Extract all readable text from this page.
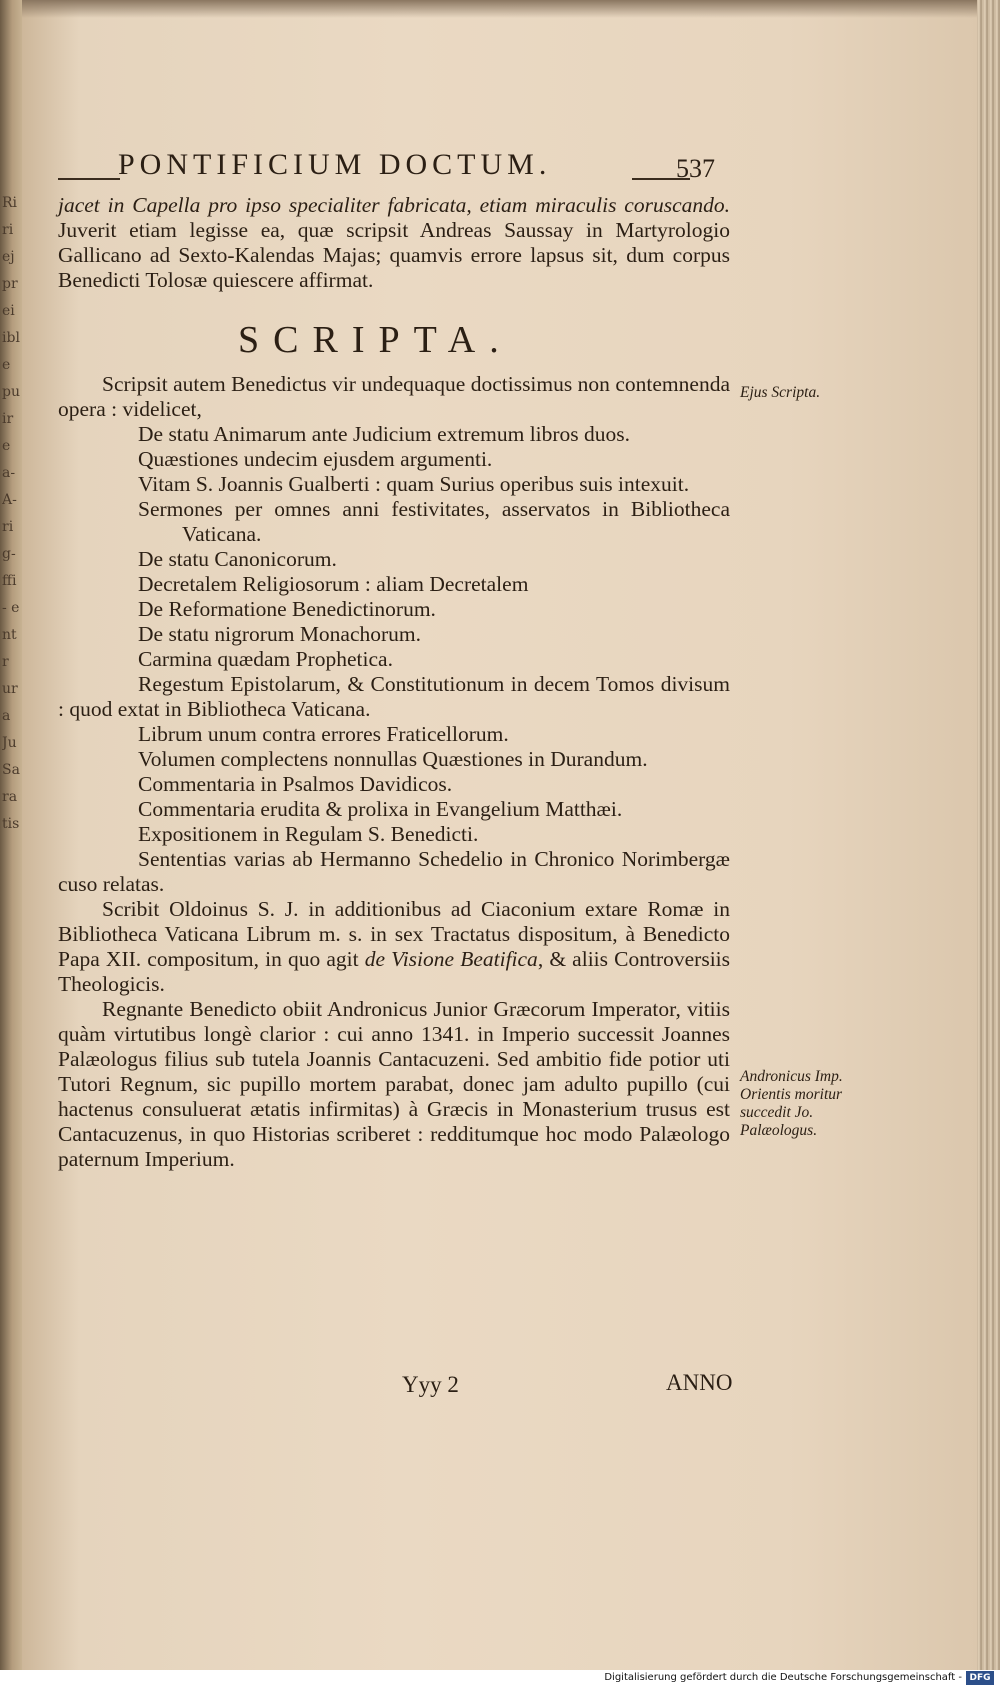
Ri ri ej pr ei ible pu ire a- A- rig- ffi- entr ura Ju Sa ratis
PONTIFICIUM DOCTUM.	537
jacet in Capella pro ipso specialiter fabricata, etiam miraculis coruscando. Juverit etiam legisse ea, quæ scripsit Andreas Saussay in Martyrologio Gallicano ad Sexto-Kalendas Majas; quamvis errore lapsus sit, dum corpus Benedicti Tolosæ quiescere affirmat.
SCRIPTA.

Scripsit autem Benedictus vir undequaque doctissimus non contemnenda opera : videlicet,

De statu Animarum ante Judicium extremum libros duos.
Quæstiones undecim ejusdem argumenti.
Vitam S. Joannis Gualberti : quam Surius operibus suis intexuit.
Sermones per omnes anni festivitates, asservatos in Bibliotheca Vaticana.
De statu Canonicorum.
Decretalem Religiosorum : aliam Decretalem
De Reformatione Benedictinorum.
De statu nigrorum Monachorum.
Carmina quædam Prophetica.
Regestum Epistolarum, & Constitutionum in decem Tomos divisum : quod extat in Bibliotheca Vaticana.
Librum unum contra errores Fraticellorum.
Volumen complectens nonnullas Quæstiones in Durandum.
Commentaria in Psalmos Davidicos.
Commentaria erudita & prolixa in Evangelium Matthæi.
Expositionem in Regulam S. Benedicti.
Sententias varias ab Hermanno Schedelio in Chronico Norimbergæ cuso relatas.

Scribit Oldoinus S. J. in additionibus ad Ciaconium extare Romæ in Bibliotheca Vaticana Librum m. s. in sex Tractatus dispositum, à Benedicto Papa XII. compositum, in quo agit de Visione Beatifica, & aliis Controversiis Theologicis.

Regnante Benedicto obiit Andronicus Junior Græcorum Imperator, vitiis quàm virtutibus longè clarior : cui anno 1341. in Imperio successit Joannes Palæologus filius sub tutela Joannis Cantacuzeni. Sed ambitio fide potior uti Tutori Regnum, sic pupillo mortem parabat, donec jam adulto pupillo (cui hactenus consuluerat ætatis infirmitas) à Græcis in Monasterium trusus est Cantacuzenus, in quo Historias scriberet : redditumque hoc modo Palæologo paternum Imperium.

Ejus Scripta.
Andronicus Imp. Orientis moritur succedit Jo. Palæologus.
Yyy 2	ANNO
Digitalisierung gefördert durch die Deutsche Forschungsgemeinschaft - DFG
